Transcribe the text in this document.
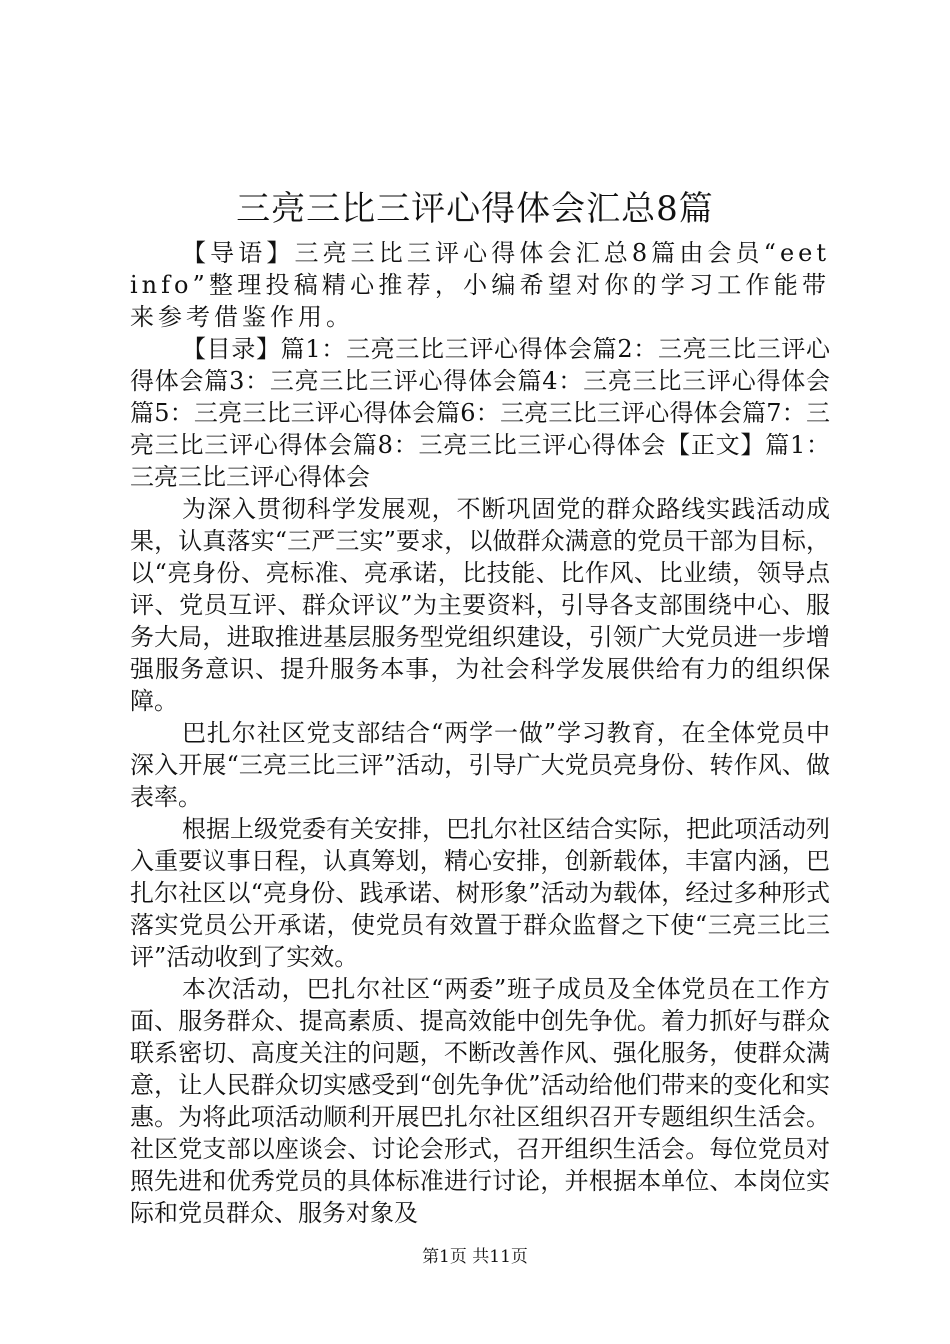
三亮三比三评心得体会汇总8篇

【导语】三亮三比三评心得体会汇总8篇由会员“eetinfo”整理投稿精心推荐，小编希望对你的学习工作能带来参考借鉴作用。

【目录】篇1：三亮三比三评心得体会篇2：三亮三比三评心得体会篇3：三亮三比三评心得体会篇4：三亮三比三评心得体会篇5：三亮三比三评心得体会篇6：三亮三比三评心得体会篇7：三亮三比三评心得体会篇8：三亮三比三评心得体会【正文】篇1：三亮三比三评心得体会

为深入贯彻科学发展观，不断巩固党的群众路线实践活动成果，认真落实“三严三实”要求，以做群众满意的党员干部为目标，以“亮身份、亮标准、亮承诺，比技能、比作风、比业绩，领导点评、党员互评、群众评议”为主要资料，引导各支部围绕中心、服务大局，进取推进基层服务型党组织建设，引领广大党员进一步增强服务意识、提升服务本事，为社会科学发展供给有力的组织保障。

巴扎尔社区党支部结合“两学一做”学习教育，在全体党员中深入开展“三亮三比三评”活动，引导广大党员亮身份、转作风、做表率。

根据上级党委有关安排，巴扎尔社区结合实际，把此项活动列入重要议事日程，认真筹划，精心安排，创新载体，丰富内涵，巴扎尔社区以“亮身份、践承诺、树形象”活动为载体，经过多种形式落实党员公开承诺，使党员有效置于群众监督之下使“三亮三比三评”活动收到了实效。

本次活动，巴扎尔社区“两委”班子成员及全体党员在工作方面、服务群众、提高素质、提高效能中创先争优。着力抓好与群众联系密切、高度关注的问题，不断改善作风、强化服务，使群众满意，让人民群众切实感受到“创先争优”活动给他们带来的变化和实惠。为将此项活动顺利开展巴扎尔社区组织召开专题组织生活会。社区党支部以座谈会、讨论会形式，召开组织生活会。每位党员对照先进和优秀党员的具体标准进行讨论，并根据本单位、本岗位实际和党员群众、服务对象及

第1页 共11页
